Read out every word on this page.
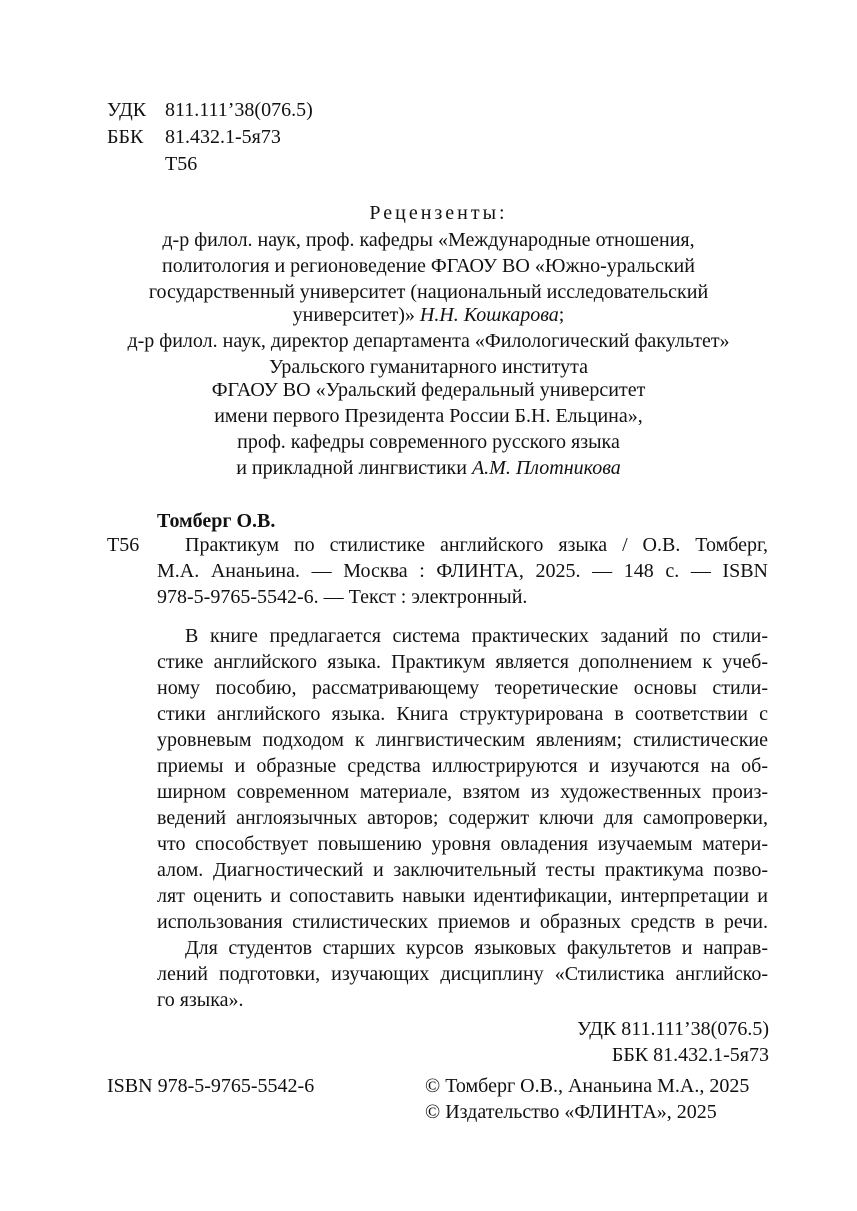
УДК 811.111’38(076.5)
ББК 81.432.1-5я73
Т56
Рецензенты:
д-р филол. наук, проф. кафедры «Международные отношения,
политология и регионоведение ФГАОУ ВО «Южно-уральский
государственный университет (национальный исследовательский
университет)» Н.Н. Кошкарова;
д-р филол. наук, директор департамента «Филологический факультет»
Уральского гуманитарного института
ФГАОУ ВО «Уральский федеральный университет
имени первого Президента России Б.Н. Ельцина»,
проф. кафедры современного русского языка
и прикладной лингвистики А.М. Плотникова
Томберг О.В.
Т56 Практикум по стилистике английского языка / О.В. Томберг,
М.А. Ананьина. — Москва : ФЛИНТА, 2025. — 148 с. — ISBN
978-5-9765-5542-6. — Текст : электронный.
В книге предлагается система практических заданий по стили-
стике английского языка. Практикум является дополнением к учеб-
ному пособию, рассматривающему теоретические основы стили-
стики английского языка. Книга структурирована в соответствии с
уровневым подходом к лингвистическим явлениям; стилистические
приемы и образные средства иллюстрируются и изучаются на об-
ширном современном материале, взятом из художественных произ-
ведений англоязычных авторов; содержит ключи для самопроверки,
что способствует повышению уровня овладения изучаемым матери-
алом. Диагностический и заключительный тесты практикума позво-
лят оценить и сопоставить навыки идентификации, интерпретации и
использования стилистических приемов и образных средств в речи.
Для студентов старших курсов языковых факультетов и направ-
лений подготовки, изучающих дисциплину «Стилистика английско-
го языка».
УДК 811.111’38(076.5)
ББК 81.432.1-5я73
ISBN 978-5-9765-5542-6	© Томберг О.В., Ананьина М.А., 2025
© Издательство «ФЛИНТА», 2025
